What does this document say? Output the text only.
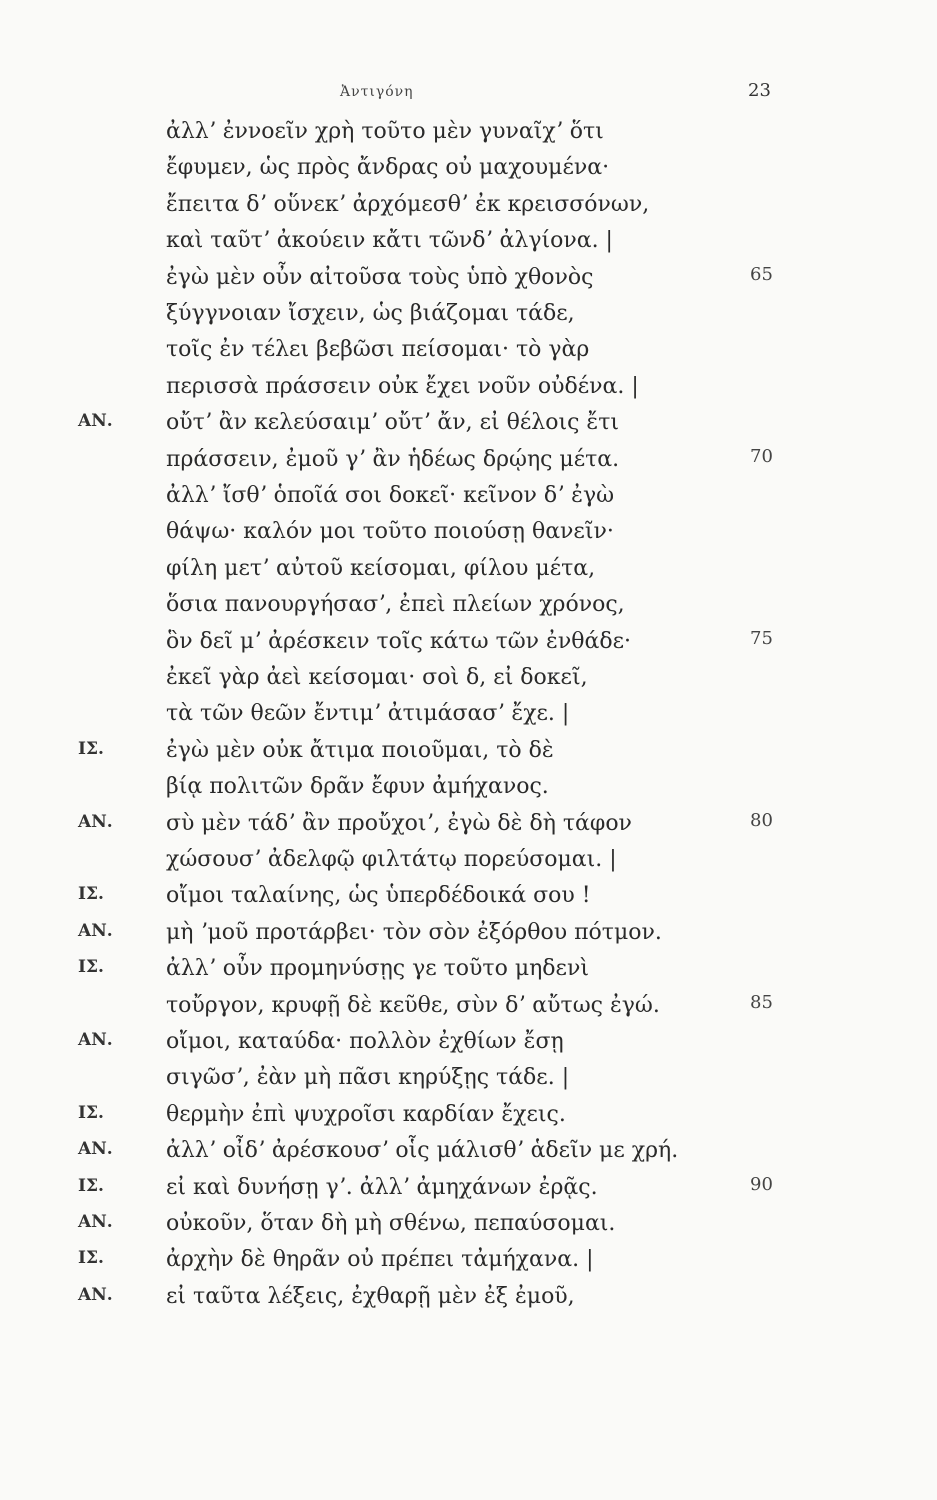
Ἀντιγόνη	23
ἀλλʼ ἐννοεῖν χρὴ τοῦτο μὲν γυναῖχʼ ὅτι
ἔφυμεν, ὡς πρὸς ἄνδρας οὐ μαχουμένα·
ἔπειτα δʼ οὕνεκʼ ἀρχόμεσθʼ ἐκ κρεισσόνων,
καὶ ταῦτʼ ἀκούειν κἄτι τῶνδʼ ἀλγίονα. |
ἐγὼ μὲν οὖν αἰτοῦσα τοὺς ὑπὸ χθονὸς	65
ξύγγνοιαν ἴσχειν, ὡς βιάζομαι τάδε,
τοῖς ἐν τέλει βεβῶσι πείσομαι· τὸ γὰρ
περισσὰ πράσσειν οὐκ ἔχει νοῦν οὐδένα. |
ΑΝ. οὔτʼ ἂν κελεύσαιμʼ οὔτʼ ἄν, εἰ θέλοις ἔτι
πράσσειν, ἐμοῦ γʼ ἂν ἡδέως δρῴης μέτα.	70
ἀλλʼ ἴσθʼ ὁποῖά σοι δοκεῖ· κεῖνον δʼ ἐγὼ
θάψω· καλόν μοι τοῦτο ποιούσῃ θανεῖν·
φίλη μετʼ αὐτοῦ κείσομαι, φίλου μέτα,
ὅσια πανουργήσασʼ, ἐπεὶ πλείων χρόνος,
ὃν δεῖ μʼ ἀρέσκειν τοῖς κάτω τῶν ἐνθάδε·	75
ἐκεῖ γὰρ ἀεὶ κείσομαι· σοὶ δ, εἰ δοκεῖ,
τὰ τῶν θεῶν ἔντιμʼ ἀτιμάσασʼ ἔχε. |
ΙΣ.	ἐγὼ μὲν οὐκ ἄτιμα ποιοῦμαι, τὸ δὲ
βίᾳ πολιτῶν δρᾶν ἔφυν ἀμήχανος.
ΑΝ. σὺ μὲν τάδʼ ἂν προὔχοιʼ, ἐγὼ δὲ δὴ τάφον	80
χώσουσʼ ἀδελφῷ φιλτάτῳ πορεύσομαι. |
ΙΣ.	οἴμοι ταλαίνης, ὡς ὑπερδέδοικά σου !
ΑΝ. μὴ ʼμοῦ προτάρβει· τὸν σὸν ἐξόρθου πότμον.
ΙΣ.	ἀλλʼ οὖν προμηνύσῃς γε τοῦτο μηδενὶ
τοὔργον, κρυφῇ δὲ κεῦθε, σὺν δʼ αὔτως ἐγώ.	85
ΑΝ. οἴμοι, καταύδα· πολλὸν ἐχθίων ἔσῃ
σιγῶσʼ, ἐὰν μὴ πᾶσι κηρύξῃς τάδε. |
ΙΣ.	θερμὴν ἐπὶ ψυχροῖσι καρδίαν ἔχεις.
ΑΝ. ἀλλʼ οἶδʼ ἀρέσκουσʼ οἷς μάλισθʼ ἁδεῖν με χρή.
ΙΣ.	εἰ καὶ δυνήσῃ γʼ. ἀλλʼ ἀμηχάνων ἐρᾷς.	90
ΑΝ. οὐκοῦν, ὅταν δὴ μὴ σθένω, πεπαύσομαι.
ΙΣ.	ἀρχὴν δὲ θηρᾶν οὐ πρέπει τἀμήχανα. |
ΑΝ. εἰ ταῦτα λέξεις, ἐχθαρῇ μὲν ἐξ ἐμοῦ,
